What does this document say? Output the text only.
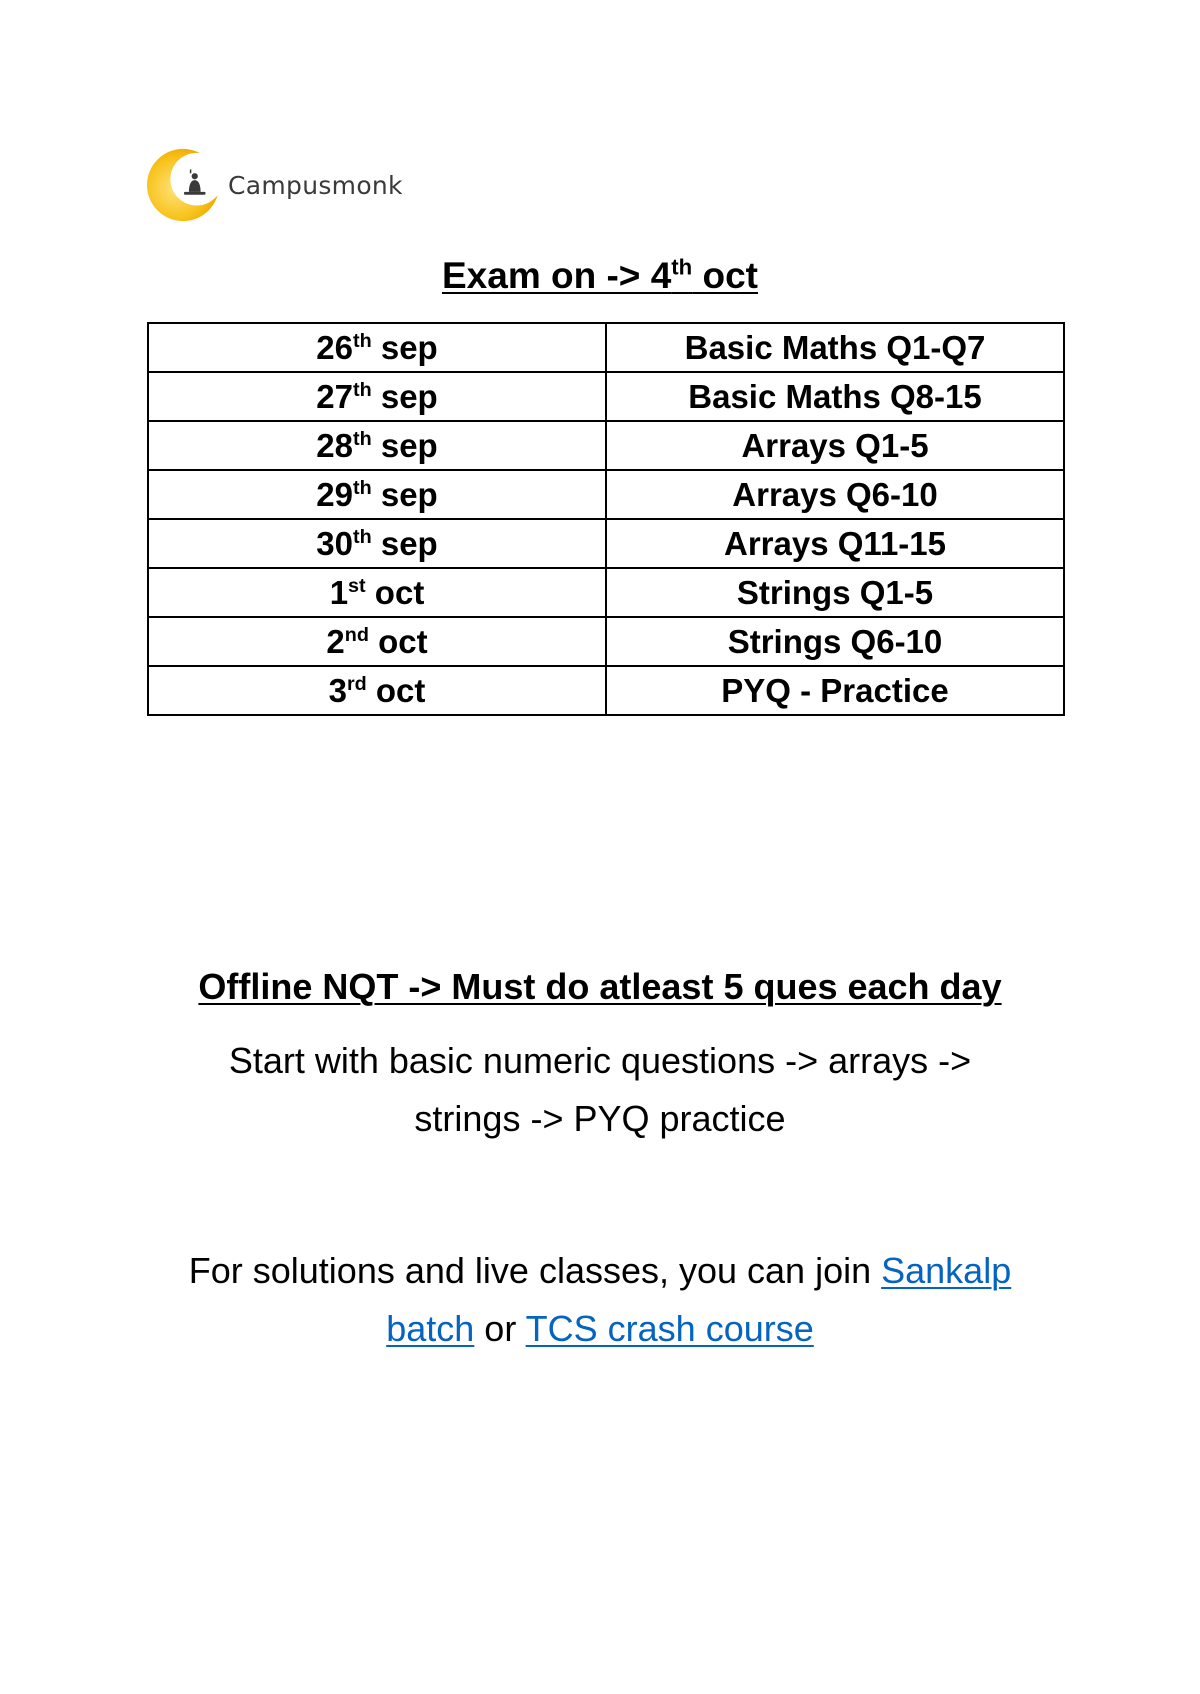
Campusmonk
Exam on -> 4th oct
26th sep	Basic Maths Q1-Q7
27th sep	Basic Maths Q8-15
28th sep	Arrays Q1-5
29th sep	Arrays Q6-10
30th sep	Arrays Q11-15
1st oct	Strings Q1-5
2nd oct	Strings Q6-10
3rd oct	PYQ - Practice
Offline NQT -> Must do atleast 5 ques each day
Start with basic numeric questions -> arrays ->
strings -> PYQ practice
For solutions and live classes, you can join Sankalp
batch or TCS crash course
